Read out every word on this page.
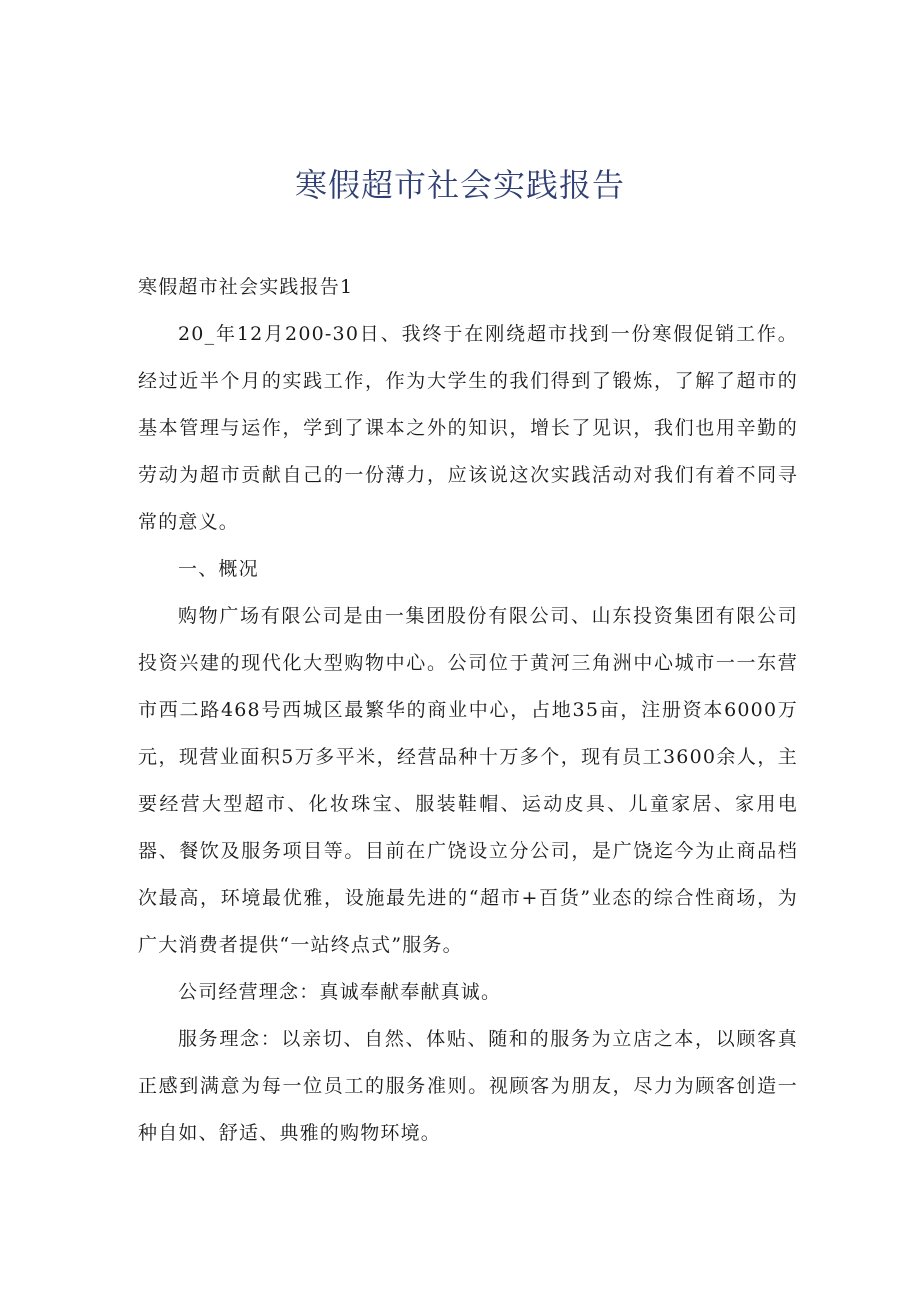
寒假超市社会实践报告

寒假超市社会实践报告1

20_年12月200-30日、我终于在刚绕超市找到一份寒假促销工作。经过近半个月的实践工作，作为大学生的我们得到了锻炼，了解了超市的基本管理与运作，学到了课本之外的知识，增长了见识，我们也用辛勤的劳动为超市贡献自己的一份薄力，应该说这次实践活动对我们有着不同寻常的意义。

一、概况

购物广场有限公司是由一集团股份有限公司、山东投资集团有限公司投资兴建的现代化大型购物中心。公司位于黄河三角洲中心城市一一东营市西二路468号西城区最繁华的商业中心，占地35亩，注册资本6000万元，现营业面积5万多平米，经营品种十万多个，现有员工3600余人，主要经营大型超市、化妆珠宝、服装鞋帽、运动皮具、儿童家居、家用电器、餐饮及服务项目等。目前在广饶设立分公司，是广饶迄今为止商品档次最高，环境最优雅，设施最先进的“超市+百货”业态的综合性商场，为广大消费者提供“一站终点式”服务。

公司经营理念：真诚奉献奉献真诚。

服务理念：以亲切、自然、体贴、随和的服务为立店之本，以顾客真正感到满意为每一位员工的服务准则。视顾客为朋友，尽力为顾客创造一种自如、舒适、典雅的购物环境。
